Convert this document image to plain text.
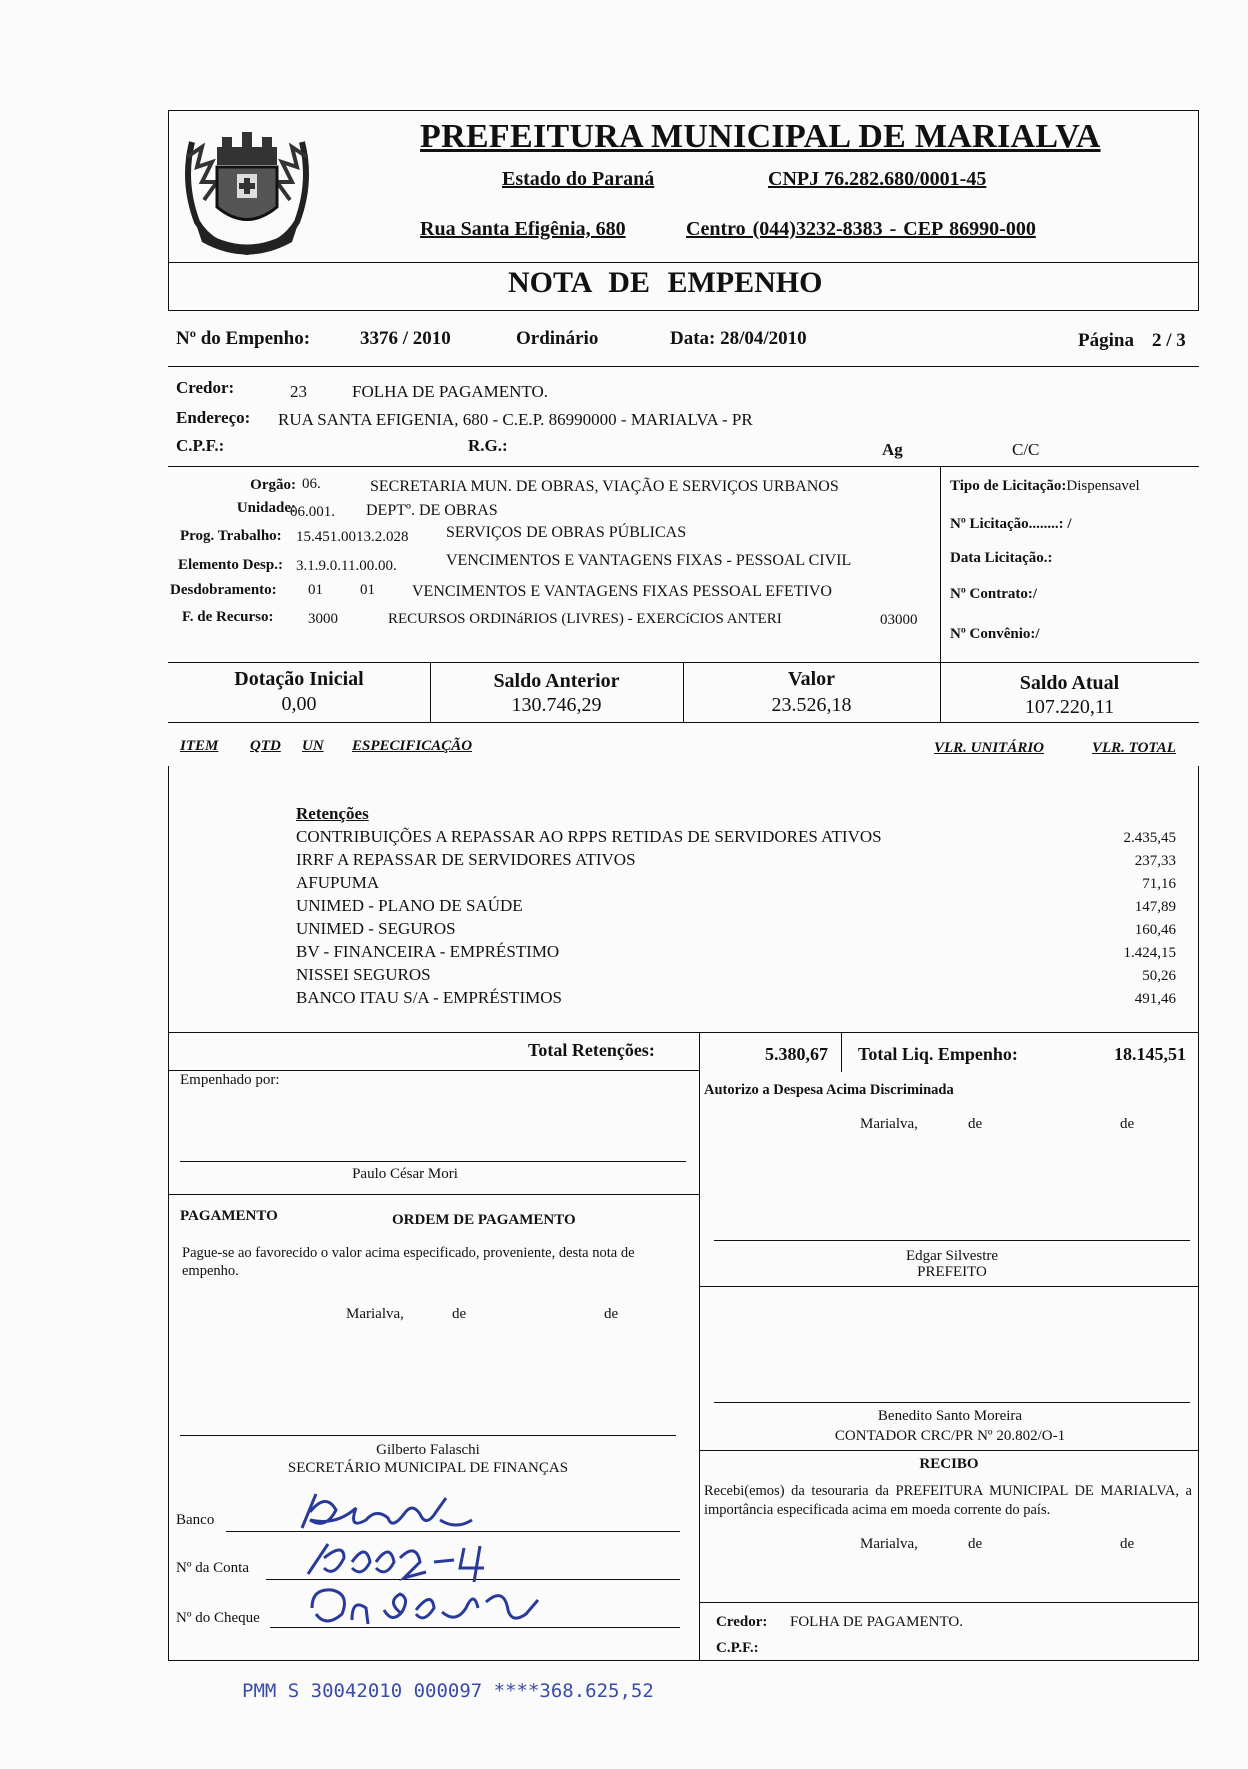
PREFEITURA MUNICIPAL DE MARIALVA
Estado do Paraná	CNPJ 76.282.680/0001-45
Rua Santa Efigênia, 680	Centro (044)3232-8383 - CEP 86990-000
NOTA DE EMPENHO
Nº do Empenho:	3376 / 2010	Ordinário	Data: 28/04/2010	Página 2 / 3
Credor:	23	FOLHA DE PAGAMENTO.
Endereço: RUA SANTA EFIGENIA, 680 - C.E.P. 86990000 - MARIALVA - PR
C.P.F.:	R.G.:	Ag	C/C
Orgão: 06.	SECRETARIA MUN. DE OBRAS, VIAÇÃO E SERVIÇOS URBANOS
Unidade:
06.001. DEPTº. DE OBRAS
Prog. Trabalho: 15.451.0013.2.028 SERVIÇOS DE OBRAS PÚBLICAS
Elemento Desp.: 3.1.9.0.11.00.00.	VENCIMENTOS E VANTAGENS FIXAS - PESSOAL CIVIL
Desdobramento: 01 01 VENCIMENTOS E VANTAGENS FIXAS PESSOAL EFETIVO
F. de Recurso: 3000	RECURSOS ORDINáRIOS (LIVRES) - EXERCíCIOS ANTERI	03000
Tipo de Licitação:Dispensavel
Nº Licitação........: /
Data Licitação.:
Nº Contrato:/
Nº Convênio:/
Dotação Inicial
0,00
Saldo Anterior
130.746,29
Valor
23.526,18
Saldo Atual
107.220,11
ITEM QTD UN ESPECIFICAÇÃO	VLR. UNITÁRIO	VLR. TOTAL
Retenções
CONTRIBUIÇÕES A REPASSAR AO RPPS RETIDAS DE SERVIDORES ATIVOS	2.435,45
IRRF A REPASSAR DE SERVIDORES ATIVOS	237,33
AFUPUMA	71,16
UNIMED - PLANO DE SAÚDE	147,89
UNIMED - SEGUROS	160,46
BV - FINANCEIRA - EMPRÉSTIMO	1.424,15
NISSEI SEGUROS	50,26
BANCO ITAU S/A - EMPRÉSTIMOS	491,46
Total Retenções:	5.380,67 Total Liq. Empenho:	18.145,51
Empenhado por:
Paulo César Mori
PAGAMENTO	ORDEM DE PAGAMENTO
Pague-se ao favorecido o valor acima especificado, proveniente, desta nota de empenho.
Marialva,	de	de
Gilberto Falaschi
SECRETÁRIO MUNICIPAL DE FINANÇAS
Banco
Nº da Conta
Nº do Cheque
Autorizo a Despesa Acima Discriminada
Marialva,	de	de
Edgar Silvestre
PREFEITO
Benedito Santo Moreira
CONTADOR CRC/PR Nº 20.802/O-1
RECIBO
Recebi(emos) da tesouraria da PREFEITURA MUNICIPAL DE MARIALVA, a importância especificada acima em moeda corrente do país.
Marialva,	de	de
Credor: FOLHA DE PAGAMENTO.
C.P.F.:
PMM S 30042010 000097 ****368.625,52
